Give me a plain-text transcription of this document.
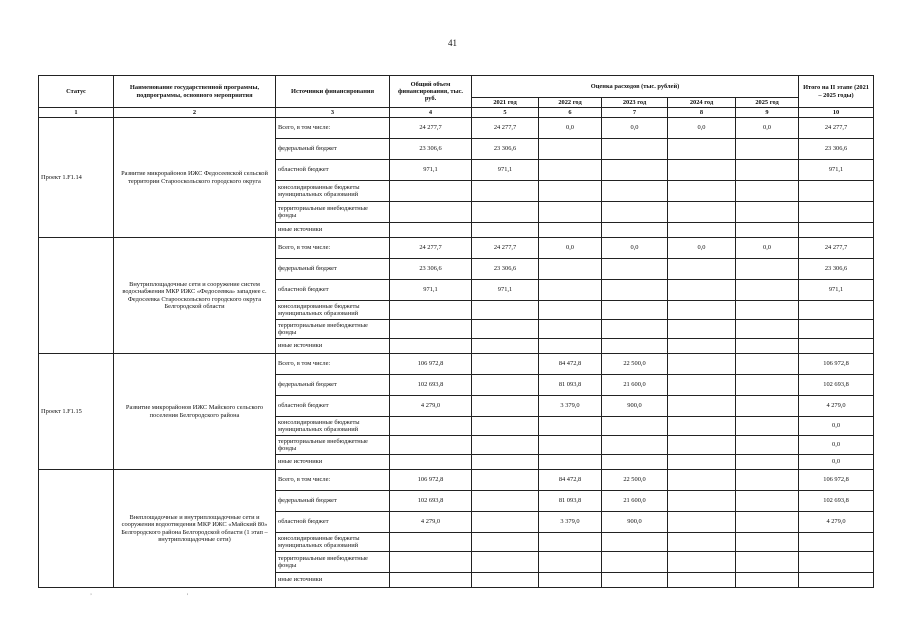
41
Статус	Наименование государственной программы, подпрограммы, основного мероприятия	Источники финансирования	Общий объем финансирования, тыс. руб.	Оценка расходов (тыс. рублей)					Итого на II этапе (2021 – 2025 годы)
				2021 год	2022 год	2023 год	2024 год	2025 год	
1	2	3	4	5	6	7	8	9	10
Проект 1.F1.14	Развитие микрорайонов ИЖС Федосеевской сельской территории Старооскольского городского округа	Всего, в том числе:	24 277,7	24 277,7	0,0	0,0	0,0	0,0	24 277,7
		федеральный бюджет	23 306,6	23 306,6					23 306,6
		областной бюджет	971,1	971,1					971,1
		консолидированные бюджеты муниципальных образований							
		территориальные внебюджетные фонды							
		иные источники							
	Внутриплощадочные сети и сооружение систем водоснабжения МКР ИЖС «Федосеевка» западнее с. Федосеевка Старооскольского городского округа Белгородской области	Всего, в том числе:	24 277,7	24 277,7	0,0	0,0	0,0	0,0	24 277,7
		федеральный бюджет	23 306,6	23 306,6					23 306,6
		областной бюджет	971,1	971,1					971,1
		консолидированные бюджеты муниципальных образований							
		территориальные внебюджетные фонды							
		иные источники							
Проект 1.F1.15	Развитие микрорайонов ИЖС Майского сельского поселения Белгородского района	Всего, в том числе:	106 972,8		84 472,8	22 500,0			106 972,8
		федеральный бюджет	102 693,8		81 093,8	21 600,0			102 693,8
		областной бюджет	4 279,0		3 379,0	900,0			4 279,0
		консолидированные бюджеты муниципальных образований							0,0
		территориальные внебюджетные фонды							0,0
		иные источники							0,0
	Внеплощадочные и внутриплощадочные сети и сооружения водоотведения МКР ИЖС «Майский 80» Белгородского района Белгородской области (1 этап – внутриплощадочные сети)	Всего, в том числе:	106 972,8		84 472,8	22 500,0			106 972,8
		федеральный бюджет	102 693,8		81 093,8	21 600,0			102 693,8
		областной бюджет	4 279,0		3 379,0	900,0			4 279,0
		консолидированные бюджеты муниципальных образований							
		территориальные внебюджетные фонды							
		иные источники							
‚                                                               ‚
